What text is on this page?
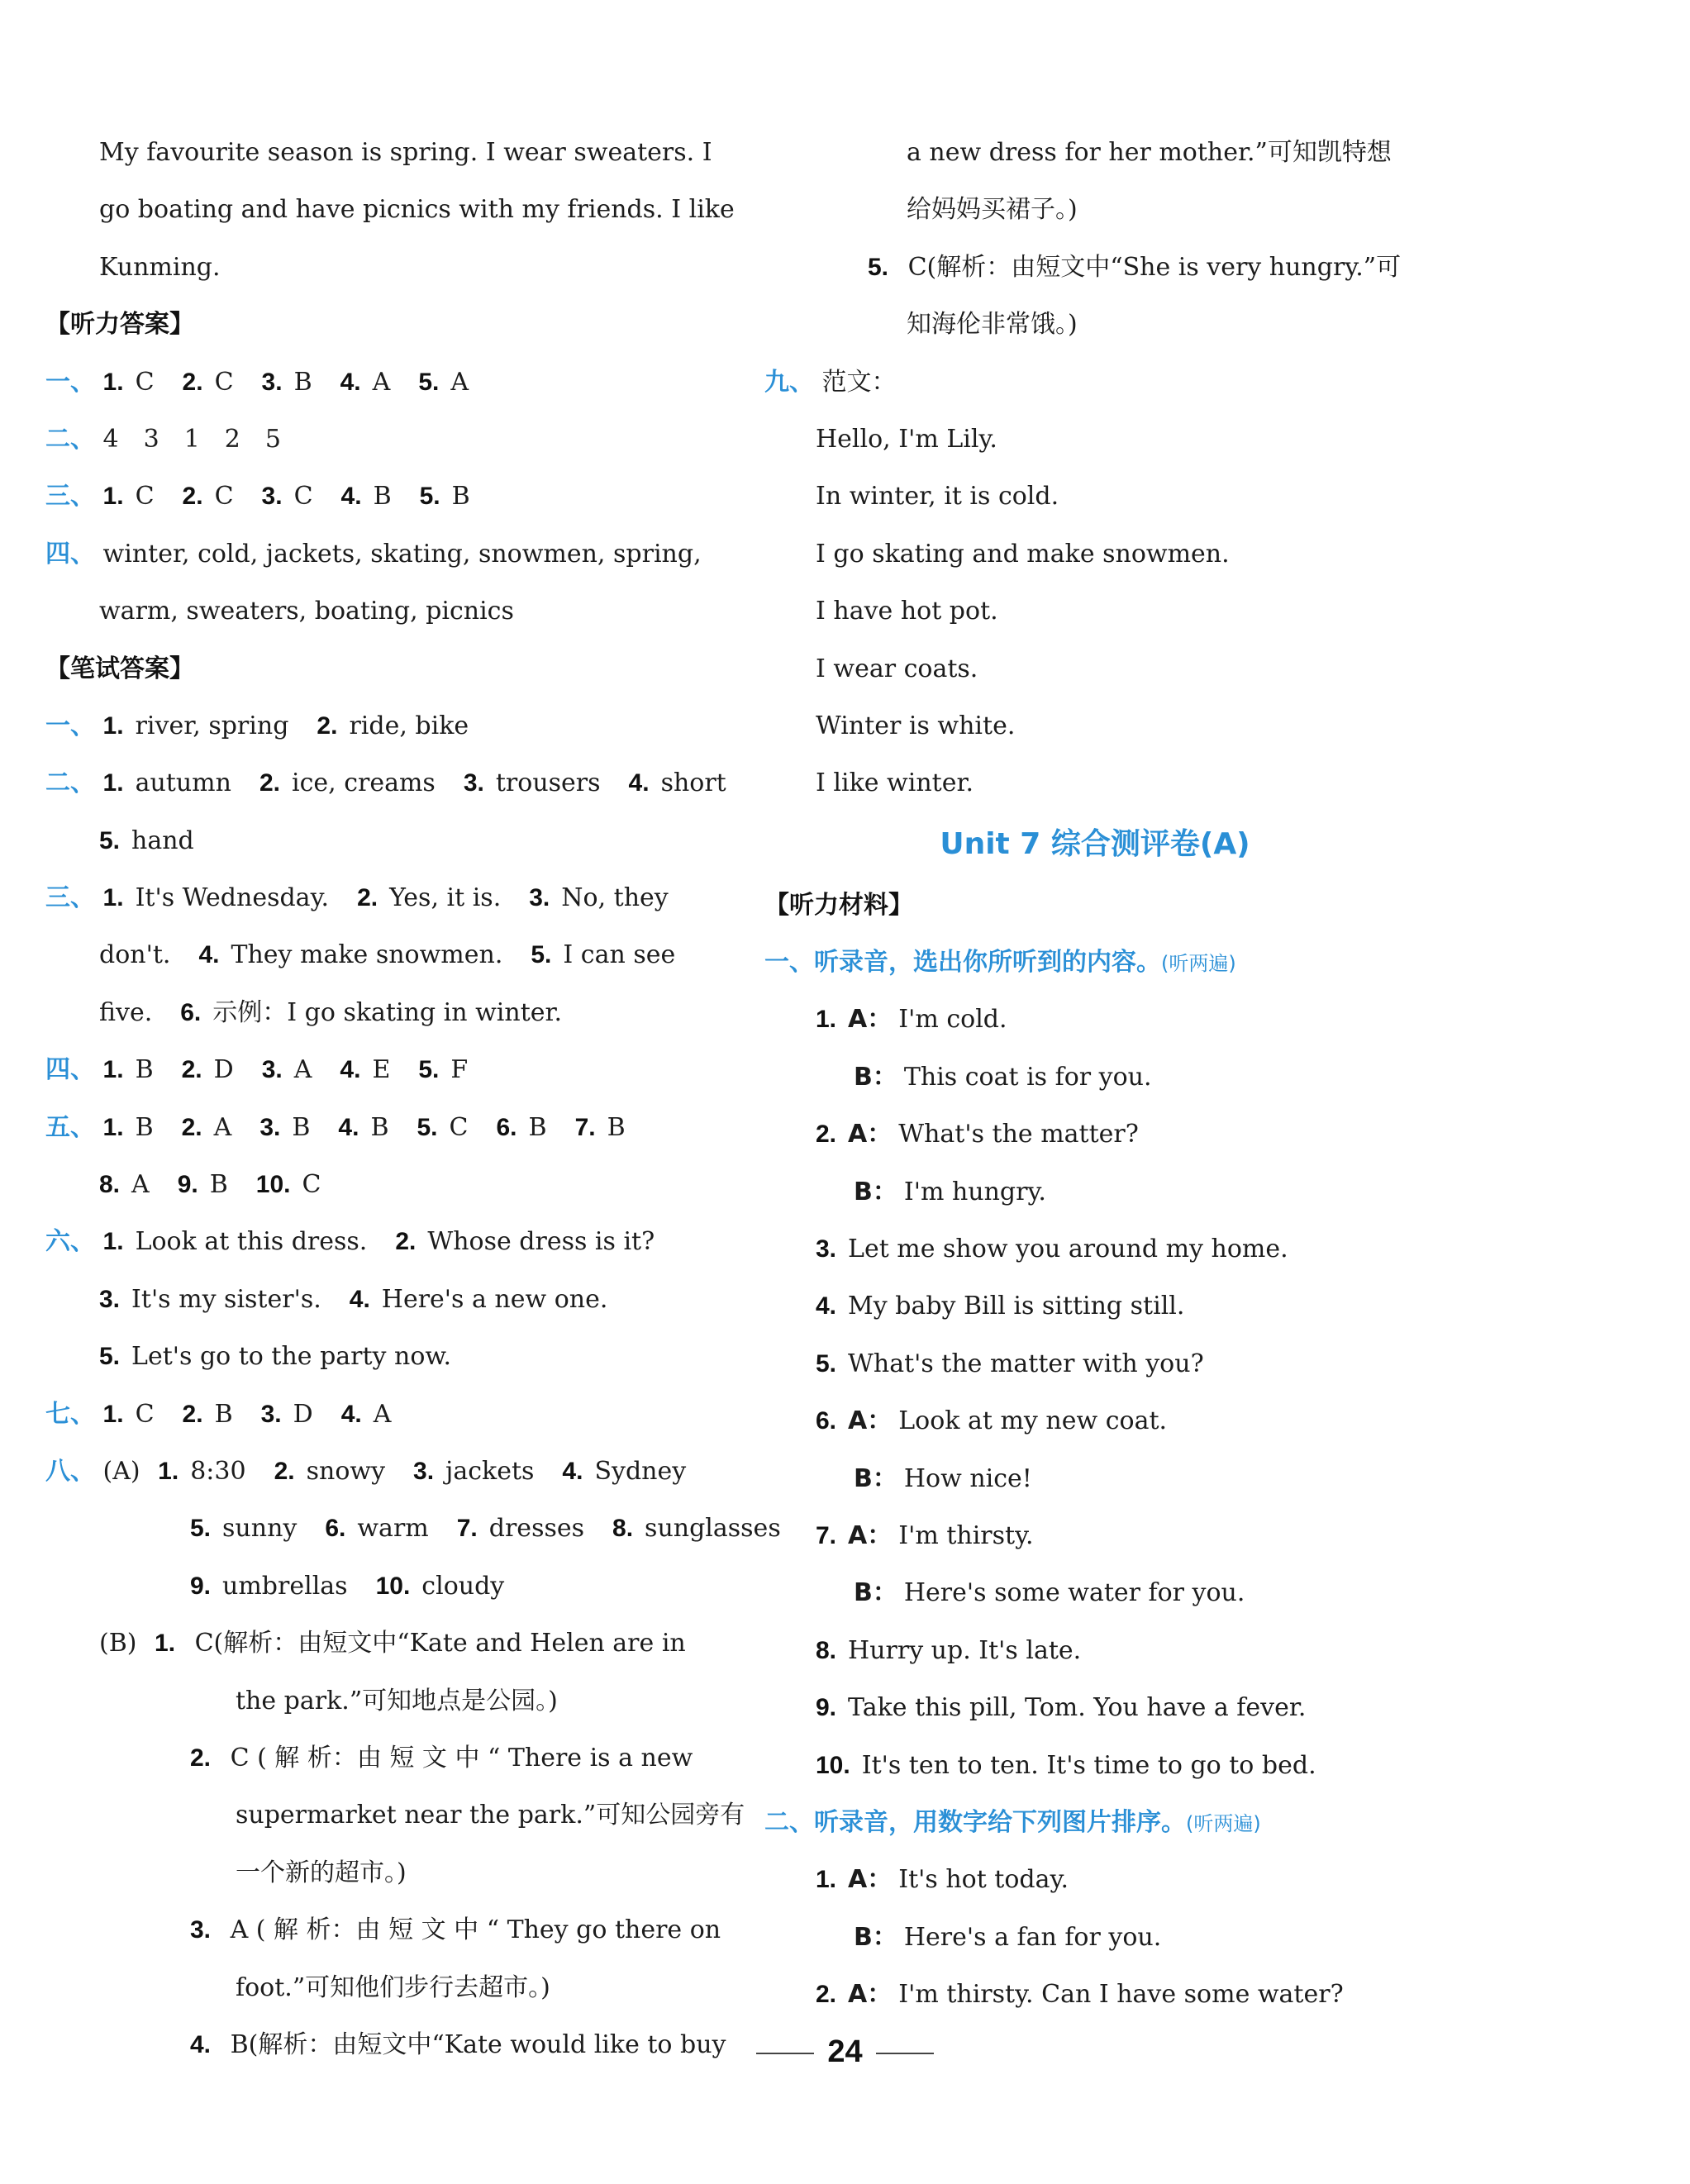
My favourite season is spring. I wear sweaters. I
go boating and have picnics with my friends. I like
Kunming.
【听力答案】
一、 1. C 2. C 3. B 4. A 5. A
二、 4　3　1　2　5
三、 1. C 2. C 3. C 4. B 5. B
四、 winter, cold, jackets, skating, snowmen, spring,
warm, sweaters, boating, picnics
【笔试答案】
一、 1. river, spring 2. ride, bike
二、 1. autumn 2. ice, creams 3. trousers 4. short
5. hand
三、 1. It's Wednesday. 2. Yes, it is. 3. No, they
don't. 4. They make snowmen. 5. I can see
five. 6. 示例：I go skating in winter.
四、 1. B 2. D 3. A 4. E 5. F
五、 1. B 2. A 3. B 4. B 5. C 6. B 7. B
8. A 9. B 10. C
六、 1. Look at this dress. 2. Whose dress is it?
3. It's my sister's. 4. Here's a new one.
5. Let's go to the party now.
七、 1. C 2. B 3. D 4. A
八、 (A) 1. 8:30 2. snowy 3. jackets 4. Sydney
5. sunny 6. warm 7. dresses 8. sunglasses
9. umbrellas 10. cloudy
(B) 1. C(解析：由短文中“Kate and Helen are in
the park.”可知地点是公园。)
2. C ( 解 析：由 短 文 中 “ There is a new
supermarket near the park.”可知公园旁有
一个新的超市。)
3. A ( 解 析：由 短 文 中 “ They go there on
foot.”可知他们步行去超市。)
4. B(解析：由短文中“Kate would like to buy
a new dress for her mother.”可知凯特想
给妈妈买裙子。)
5. C(解析：由短文中“She is very hungry.”可
知海伦非常饿。)
九、 范文：
Hello, I'm Lily.
In winter, it is cold.
I go skating and make snowmen.
I have hot pot.
I wear coats.
Winter is white.
I like winter.
Unit 7 综合测评卷(A)
【听力材料】
一、听录音，选出你所听到的内容。(听两遍)
1. A： I'm cold.
B： This coat is for you.
2. A： What's the matter?
B： I'm hungry.
3. Let me show you around my home.
4. My baby Bill is sitting still.
5. What's the matter with you?
6. A： Look at my new coat.
B： How nice!
7. A： I'm thirsty.
B： Here's some water for you.
8. Hurry up. It's late.
9. Take this pill, Tom. You have a fever.
10. It's ten to ten. It's time to go to bed.
二、听录音，用数字给下列图片排序。(听两遍)
1. A： It's hot today.
B： Here's a fan for you.
2. A： I'm thirsty. Can I have some water?
24
